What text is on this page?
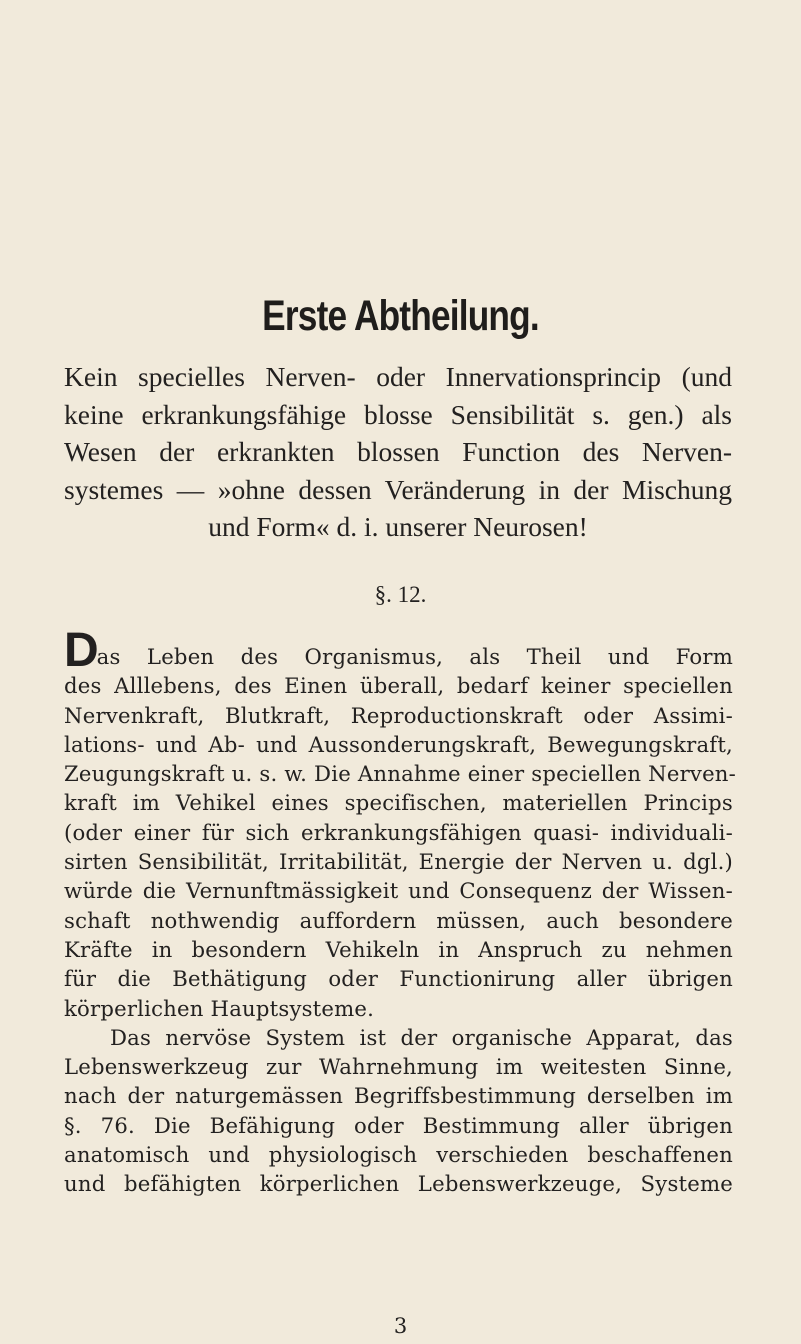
Erste Abtheilung.
Kein specielles Nerven- oder Innervationsprincip (und
keine erkrankungsfähige blosse Sensibilität s. gen.) als
Wesen der erkrankten blossen Function des Nerven-
systemes — »ohne dessen Veränderung in der Mischung
und Form« d. i. unserer Neurosen!
§. 12.
Das Leben des Organismus, als Theil und Form
des Alllebens, des Einen überall, bedarf keiner speciellen
Nervenkraft, Blutkraft, Reproductionskraft oder Assimi-
lations- und Ab- und Aussonderungskraft, Bewegungskraft,
Zeugungskraft u. s. w. Die Annahme einer speciellen Nerven-
kraft im Vehikel eines specifischen, materiellen Princips
(oder einer für sich erkrankungsfähigen quasi- individuali-
sirten Sensibilität, Irritabilität, Energie der Nerven u. dgl.)
würde die Vernunftmässigkeit und Consequenz der Wissen-
schaft nothwendig auffordern müssen, auch besondere
Kräfte in besondern Vehikeln in Anspruch zu nehmen
für die Bethätigung oder Functionirung aller übrigen
körperlichen Hauptsysteme.
Das nervöse System ist der organische Apparat, das
Lebenswerkzeug zur Wahrnehmung im weitesten Sinne,
nach der naturgemässen Begriffsbestimmung derselben im
§. 76. Die Befähigung oder Bestimmung aller übrigen
anatomisch und physiologisch verschieden beschaffenen
und befähigten körperlichen Lebenswerkzeuge, Systeme
3
